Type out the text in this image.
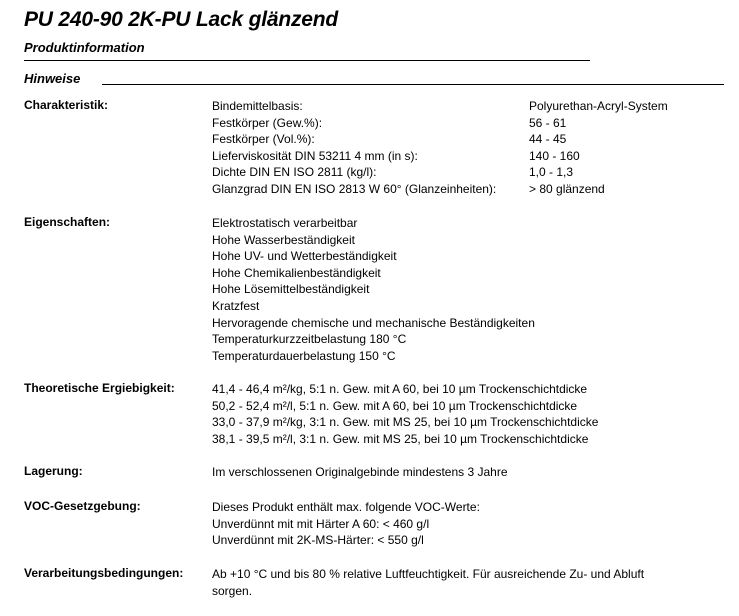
PU 240-90 2K-PU Lack glänzend
Produktinformation
Hinweise
Charakteristik:	Bindemittelbasis:	Polyurethan-Acryl-System
Festkörper (Gew.%):	56 - 61
Festkörper (Vol.%):	44 - 45
Lieferviskosität DIN 53211 4 mm (in s):	140 - 160
Dichte DIN EN ISO 2811 (kg/l):	1,0 - 1,3
Glanzgrad DIN EN ISO 2813 W 60° (Glanzeinheiten):	> 80 glänzend
Eigenschaften:	Elektrostatisch verarbeitbar
Hohe Wasserbeständigkeit
Hohe UV- und Wetterbeständigkeit
Hohe Chemikalienbeständigkeit
Hohe Lösemittelbeständigkeit
Kratzfest
Hervoragende chemische und mechanische Beständigkeiten
Temperaturkurzzeitbelastung 180 °C
Temperaturdauerbelastung 150 °C
Theoretische Ergiebigkeit:	41,4 - 46,4 m²/kg, 5:1 n. Gew. mit A 60, bei 10 µm Trockenschichtdicke
50,2 - 52,4 m²/l, 5:1 n. Gew. mit A 60, bei 10 µm Trockenschichtdicke
33,0 - 37,9 m²/kg, 3:1 n. Gew. mit MS 25, bei 10 µm Trockenschichtdicke
38,1 - 39,5 m²/l, 3:1 n. Gew. mit MS 25, bei 10 µm Trockenschichtdicke
Lagerung:	Im verschlossenen Originalgebinde mindestens 3 Jahre
VOC-Gesetzgebung:	Dieses Produkt enthält max. folgende VOC-Werte:
Unverdünnt mit mit Härter A 60: < 460 g/l
Unverdünnt mit 2K-MS-Härter: < 550 g/l
Verarbeitungsbedingungen: Ab +10 °C und bis 80 % relative Luftfeuchtigkeit. Für ausreichende Zu- und Abluft
sorgen.
